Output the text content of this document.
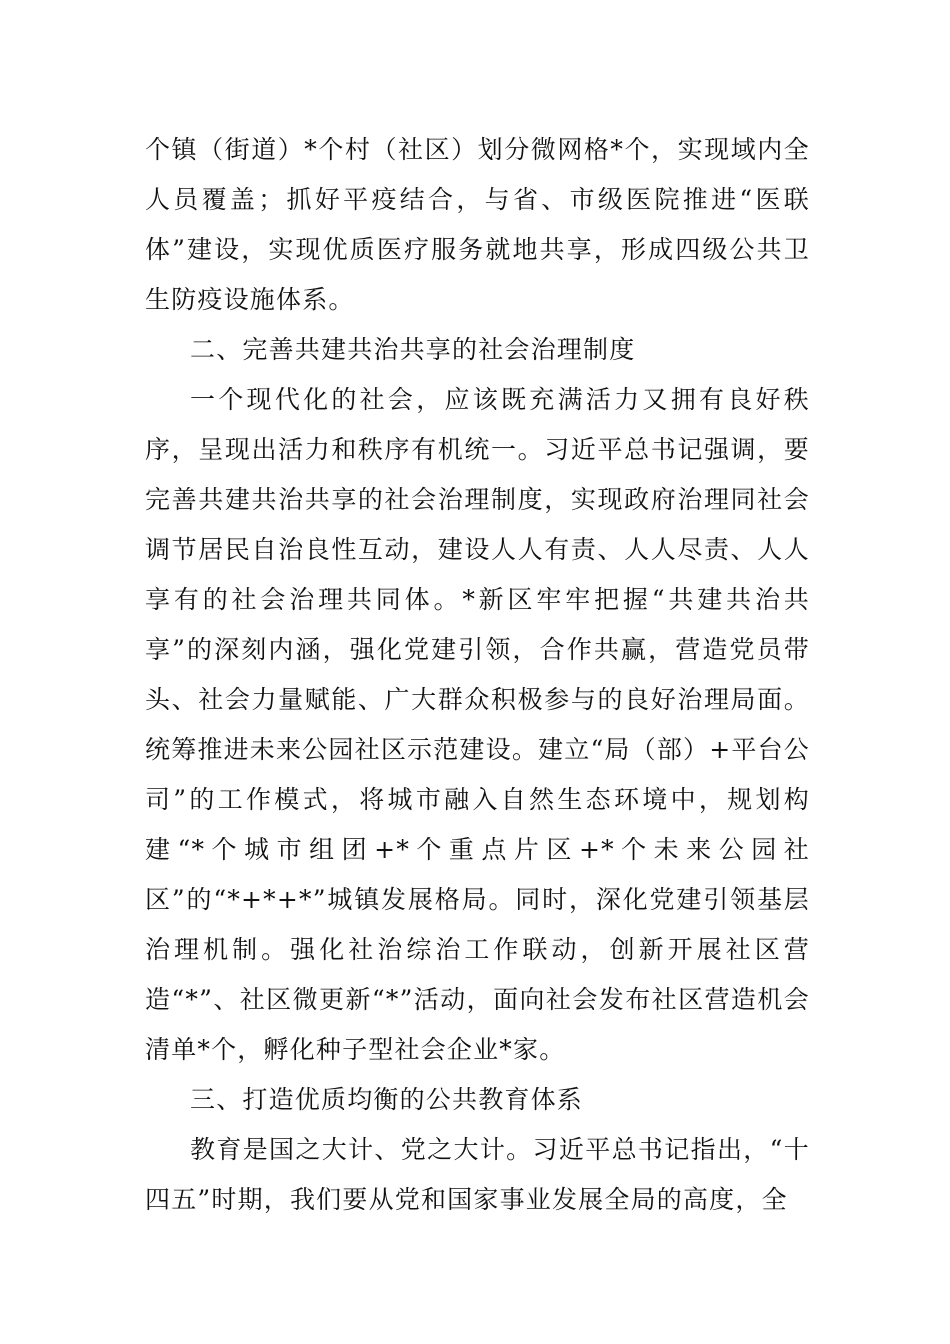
个镇（街道）*个村（社区）划分微网格*个，实现域内全人员覆盖；抓好平疫结合，与省、市级医院推进“医联体”建设，实现优质医疗服务就地共享，形成四级公共卫生防疫设施体系。

二、完善共建共治共享的社会治理制度

一个现代化的社会，应该既充满活力又拥有良好秩序，呈现出活力和秩序有机统一。习近平总书记强调，要完善共建共治共享的社会治理制度，实现政府治理同社会调节居民自治良性互动，建设人人有责、人人尽责、人人享有的社会治理共同体。*新区牢牢把握“共建共治共享”的深刻内涵，强化党建引领，合作共赢，营造党员带头、社会力量赋能、广大群众积极参与的良好治理局面。统筹推进未来公园社区示范建设。建立“局（部）+平台公司”的工作模式，将城市融入自然生态环境中，规划构建“*个城市组团+*个重点片区+*个未来公园社区”的“*+*+*”城镇发展格局。同时，深化党建引领基层治理机制。强化社治综治工作联动，创新开展社区营造“*”、社区微更新“*”活动，面向社会发布社区营造机会清单*个，孵化种子型社会企业*家。

三、打造优质均衡的公共教育体系

教育是国之大计、党之大计。习近平总书记指出，“十四五”时期，我们要从党和国家事业发展全局的高度，全
